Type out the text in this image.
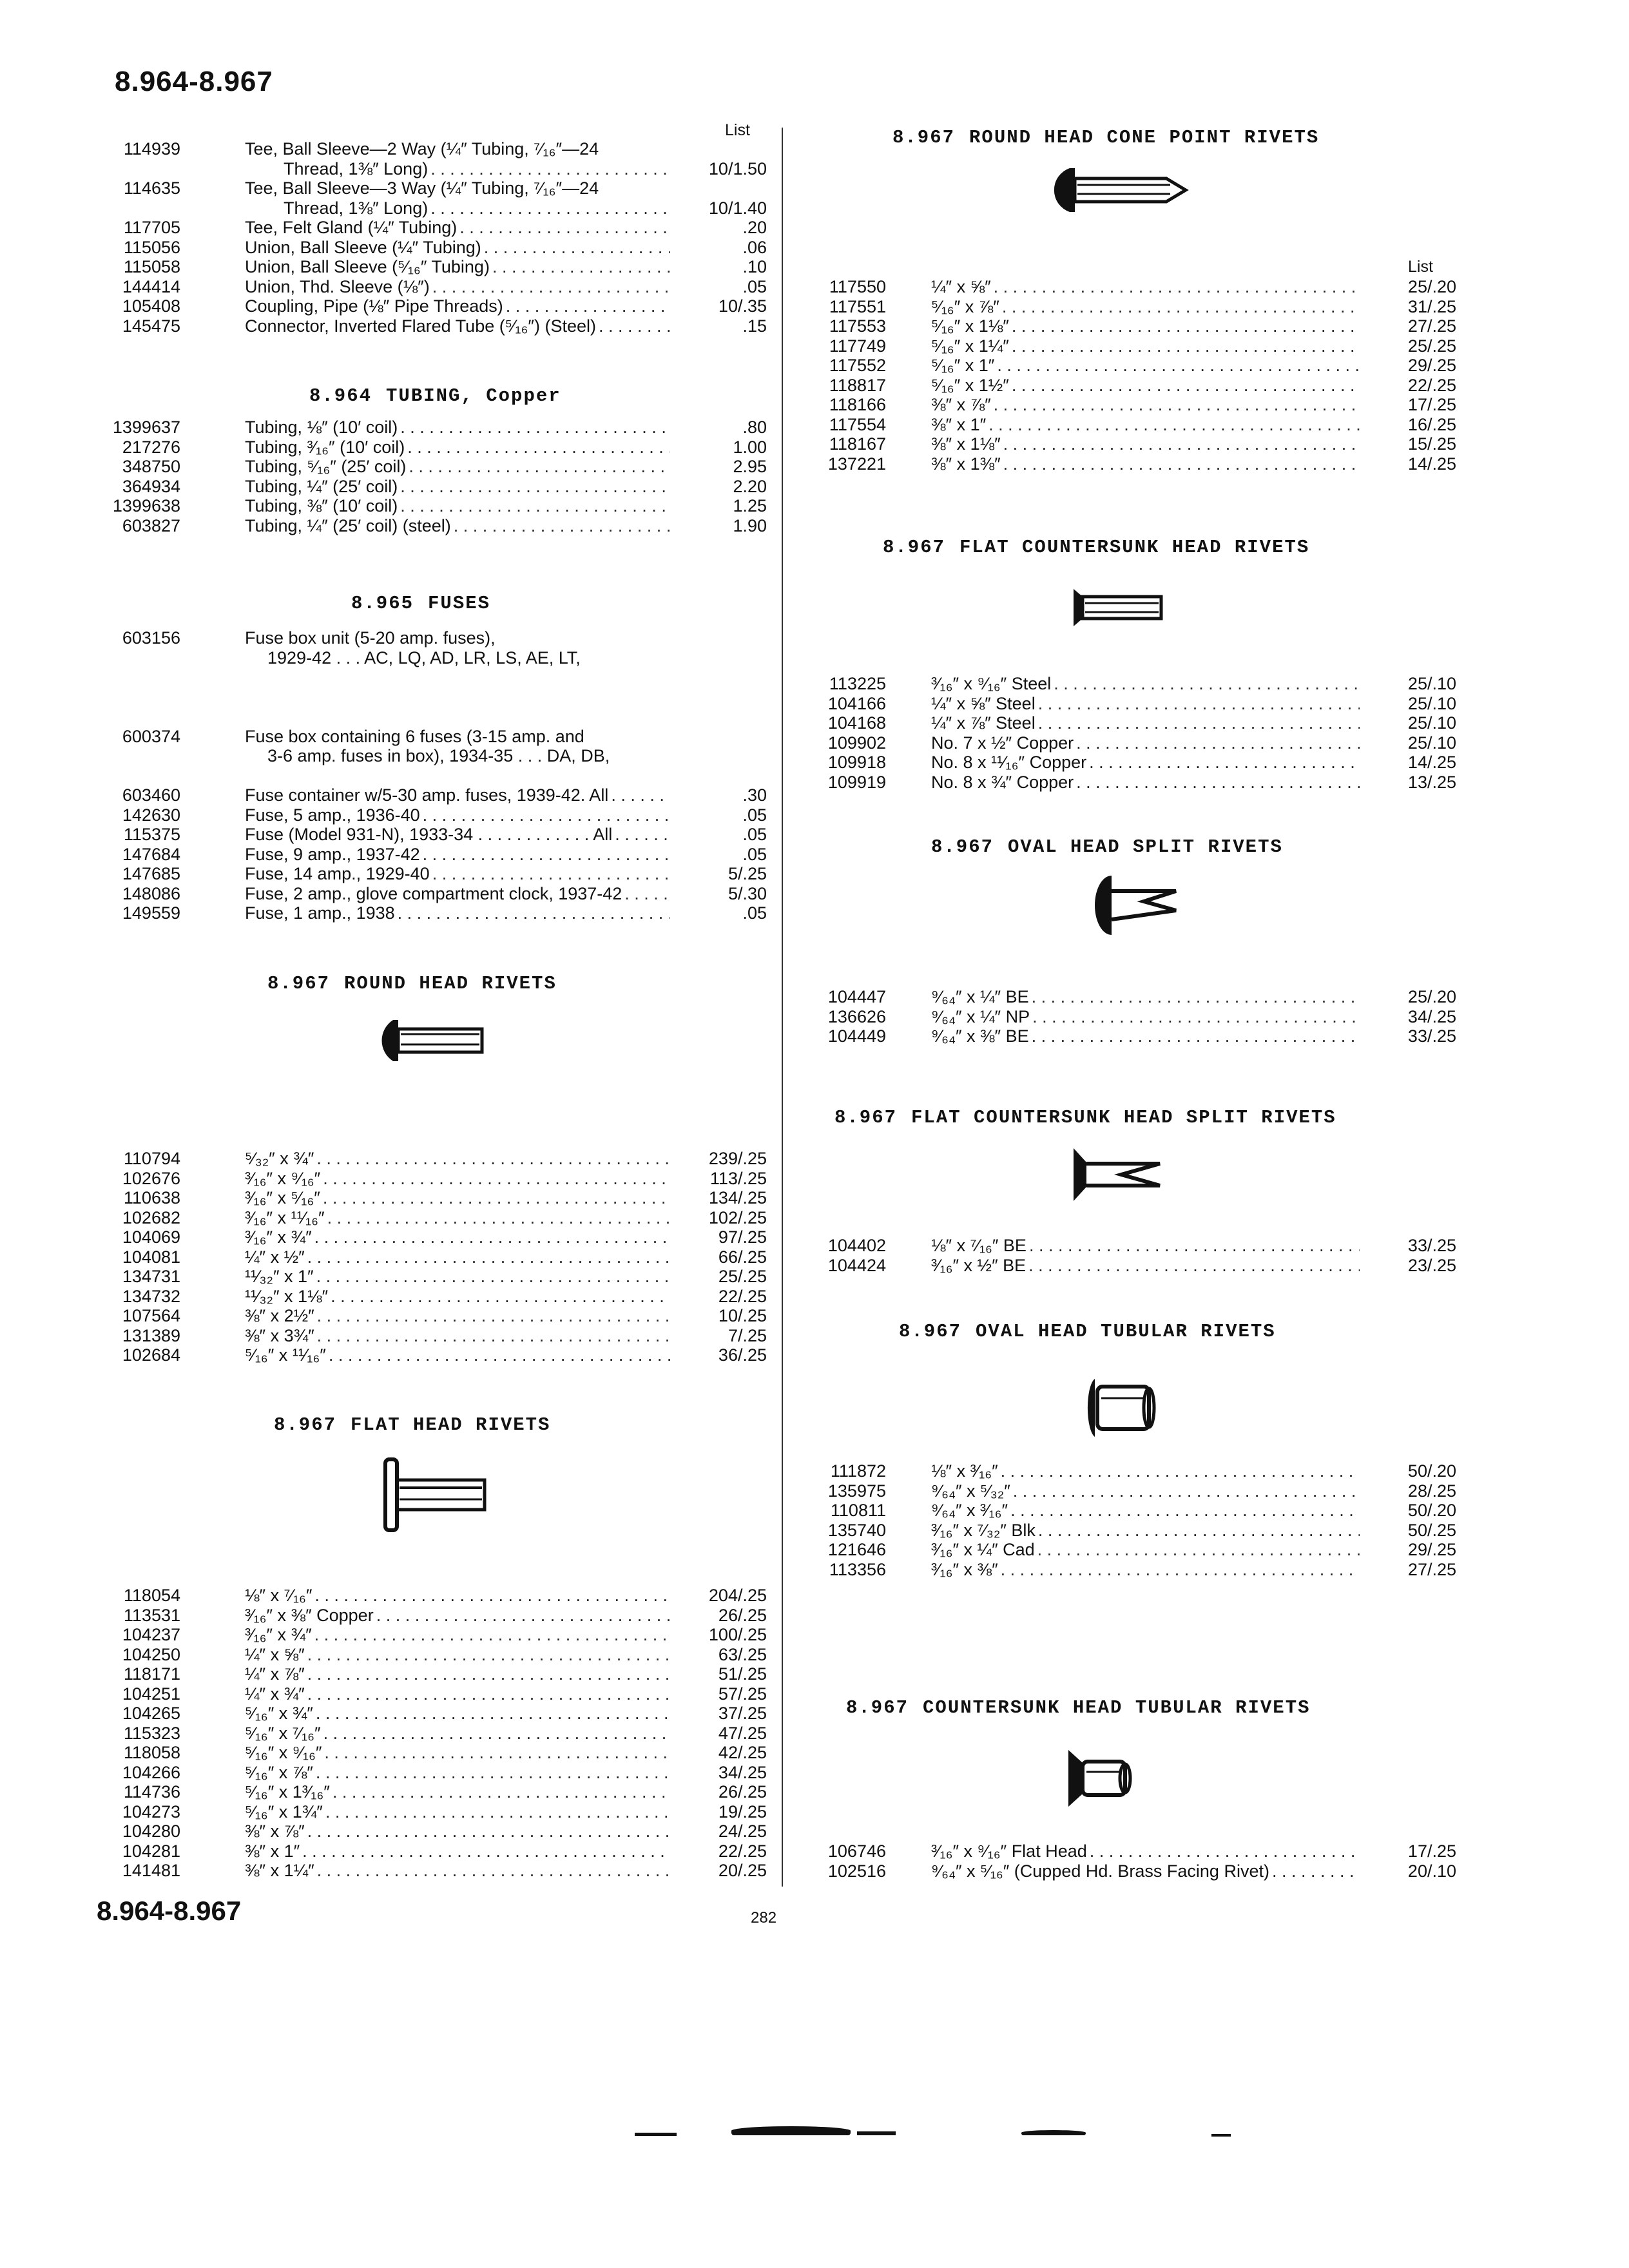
8.964-8.967
List
114939	Tee, Ball Sleeve—2 Way (¼″ Tubing, ⁷⁄₁₆″—24
Thread, 1⅜″ Long) . . .	10/1.50
114635	Tee, Ball Sleeve—3 Way (¼″ Tubing, ⁷⁄₁₆″—24
Thread, 1⅜″ Long) . . .	10/1.40
117705	Tee, Felt Gland (¼″ Tubing) . . .	.20
115056	Union, Ball Sleeve (¼″ Tubing) . . .	.06
115058	Union, Ball Sleeve (⁵⁄₁₆″ Tubing) . . .	.10
144414	Union, Thd. Sleeve (⅛″) . . .	.05
105408	Coupling, Pipe (⅛″ Pipe Threads) . . .	10/.35
145475	Connector, Inverted Flared Tube (⁵⁄₁₆″) (Steel) . . .	.15
8.964 TUBING, Copper
1399637	Tubing, ⅛″ (10′ coil) . . .	.80
217276	Tubing, ³⁄₁₆″ (10′ coil) . . .	1.00
348750	Tubing, ⁵⁄₁₆″ (25′ coil) . . .	2.95
364934	Tubing, ¼″ (25′ coil) . . .	2.20
1399638	Tubing, ⅜″ (10′ coil) . . .	1.25
603827	Tubing, ¼″ (25′ coil) (steel) . . .	1.90
8.965 FUSES
603156	Fuse box unit (5-20 amp. fuses),
1929-42 . . . AC, LQ, AD, LR, LS, AE, LT,
600374	Fuse box containing 6 fuses (3-15 amp. and
3-6 amp. fuses in box), 1934-35 . . . DA, DB,
603460	Fuse container w/5-30 amp. fuses, 1939-42. All . . .	.30
142630	Fuse, 5 amp., 1936-40 . . .	.05
115375	Fuse (Model 931-N), 1933-34 . . . . . . . . . . . . All . . .	.05
147684	Fuse, 9 amp., 1937-42 . . .	.05
147685	Fuse, 14 amp., 1929-40 . . .	5/.25
148086	Fuse, 2 amp., glove compartment clock, 1937-42 . . .	5/.30
149559	Fuse, 1 amp., 1938 . . .	.05
8.967 ROUND HEAD RIVETS
110794	⁵⁄₃₂″ x ¾″ . . .	239/.25
102676	³⁄₁₆″ x ⁹⁄₁₆″ . . .	113/.25
110638	³⁄₁₆″ x ⁵⁄₁₆″ . . .	134/.25
102682	³⁄₁₆″ x ¹¹⁄₁₆″ . . .	102/.25
104069	³⁄₁₆″ x ¾″ . . .	97/.25
104081	¼″ x ½″ . . .	66/.25
134731	¹¹⁄₃₂″ x 1″ . . .	25/.25
134732	¹¹⁄₃₂″ x 1⅛″ . . .	22/.25
107564	⅜″ x 2½″ . . .	10/.25
131389	⅜″ x 3¾″ . . .	7/.25
102684	⁵⁄₁₆″ x ¹¹⁄₁₆″ . . .	36/.25
8.967 FLAT HEAD RIVETS
118054	⅛″ x ⁷⁄₁₆″ . . .	204/.25
113531	³⁄₁₆″ x ⅜″ Copper . . .	26/.25
104237	³⁄₁₆″ x ¾″ . . .	100/.25
104250	¼″ x ⅝″ . . .	63/.25
118171	¼″ x ⅞″ . . .	51/.25
104251	¼″ x ¾″ . . .	57/.25
104265	⁵⁄₁₆″ x ¾″ . . .	37/.25
115323	⁵⁄₁₆″ x ⁷⁄₁₆″ . . .	47/.25
118058	⁵⁄₁₆″ x ⁹⁄₁₆″ . . .	42/.25
104266	⁵⁄₁₆″ x ⅞″ . . .	34/.25
114736	⁵⁄₁₆″ x 1³⁄₁₆″ . . .	26/.25
104273	⁵⁄₁₆″ x 1¾″ . . .	19/.25
104280	⅜″ x ⅞″ . . .	24/.25
104281	⅜″ x 1″ . . .	22/.25
141481	⅜″ x 1¼″ . . .	20/.25
8.967 ROUND HEAD CONE POINT RIVETS
List
117550	¼″ x ⅝″ . . .	25/.20
117551	⁵⁄₁₆″ x ⅞″ . . .	31/.25
117553	⁵⁄₁₆″ x 1⅛″ . . .	27/.25
117749	⁵⁄₁₆″ x 1¼″ . . .	25/.25
117552	⁵⁄₁₆″ x 1″ . . .	29/.25
118817	⁵⁄₁₆″ x 1½″ . . .	22/.25
118166	⅜″ x ⅞″ . . .	17/.25
117554	⅜″ x 1″ . . .	16/.25
118167	⅜″ x 1⅛″ . . .	15/.25
137221	⅜″ x 1⅜″ . . .	14/.25
8.967 FLAT COUNTERSUNK HEAD RIVETS
113225	³⁄₁₆″ x ⁹⁄₁₆″ Steel . . .	25/.10
104166	¼″ x ⅝″ Steel . . .	25/.10
104168	¼″ x ⅞″ Steel . . .	25/.10
109902	No. 7 x ½″ Copper . . .	25/.10
109918	No. 8 x ¹¹⁄₁₆″ Copper . . .	14/.25
109919	No. 8 x ¾″ Copper . . .	13/.25
8.967 OVAL HEAD SPLIT RIVETS
104447	⁹⁄₆₄″ x ¼″ BE . . .	25/.20
136626	⁹⁄₆₄″ x ¼″ NP . . .	34/.25
104449	⁹⁄₆₄″ x ⅜″ BE . . .	33/.25
8.967 FLAT COUNTERSUNK HEAD SPLIT RIVETS
104402	⅛″ x ⁷⁄₁₆″ BE . . .	33/.25
104424	³⁄₁₆″ x ½″ BE . . .	23/.25
8.967 OVAL HEAD TUBULAR RIVETS
111872	⅛″ x ³⁄₁₆″ . . .	50/.20
135975	⁹⁄₆₄″ x ⁵⁄₃₂″ . . .	28/.25
110811	⁹⁄₆₄″ x ³⁄₁₆″ . . .	50/.20
135740	³⁄₁₆″ x ⁷⁄₃₂″ Blk . . .	50/.25
121646	³⁄₁₆″ x ¼″ Cad . . .	29/.25
113356	³⁄₁₆″ x ⅜″ . . .	27/.25
8.967 COUNTERSUNK HEAD TUBULAR RIVETS
106746	³⁄₁₆″ x ⁹⁄₁₆″ Flat Head . . .	17/.25
102516	⁹⁄₆₄″ x ⁵⁄₁₆″ (Cupped Hd. Brass Facing Rivet) . . .	20/.10
8.964-8.967	282
